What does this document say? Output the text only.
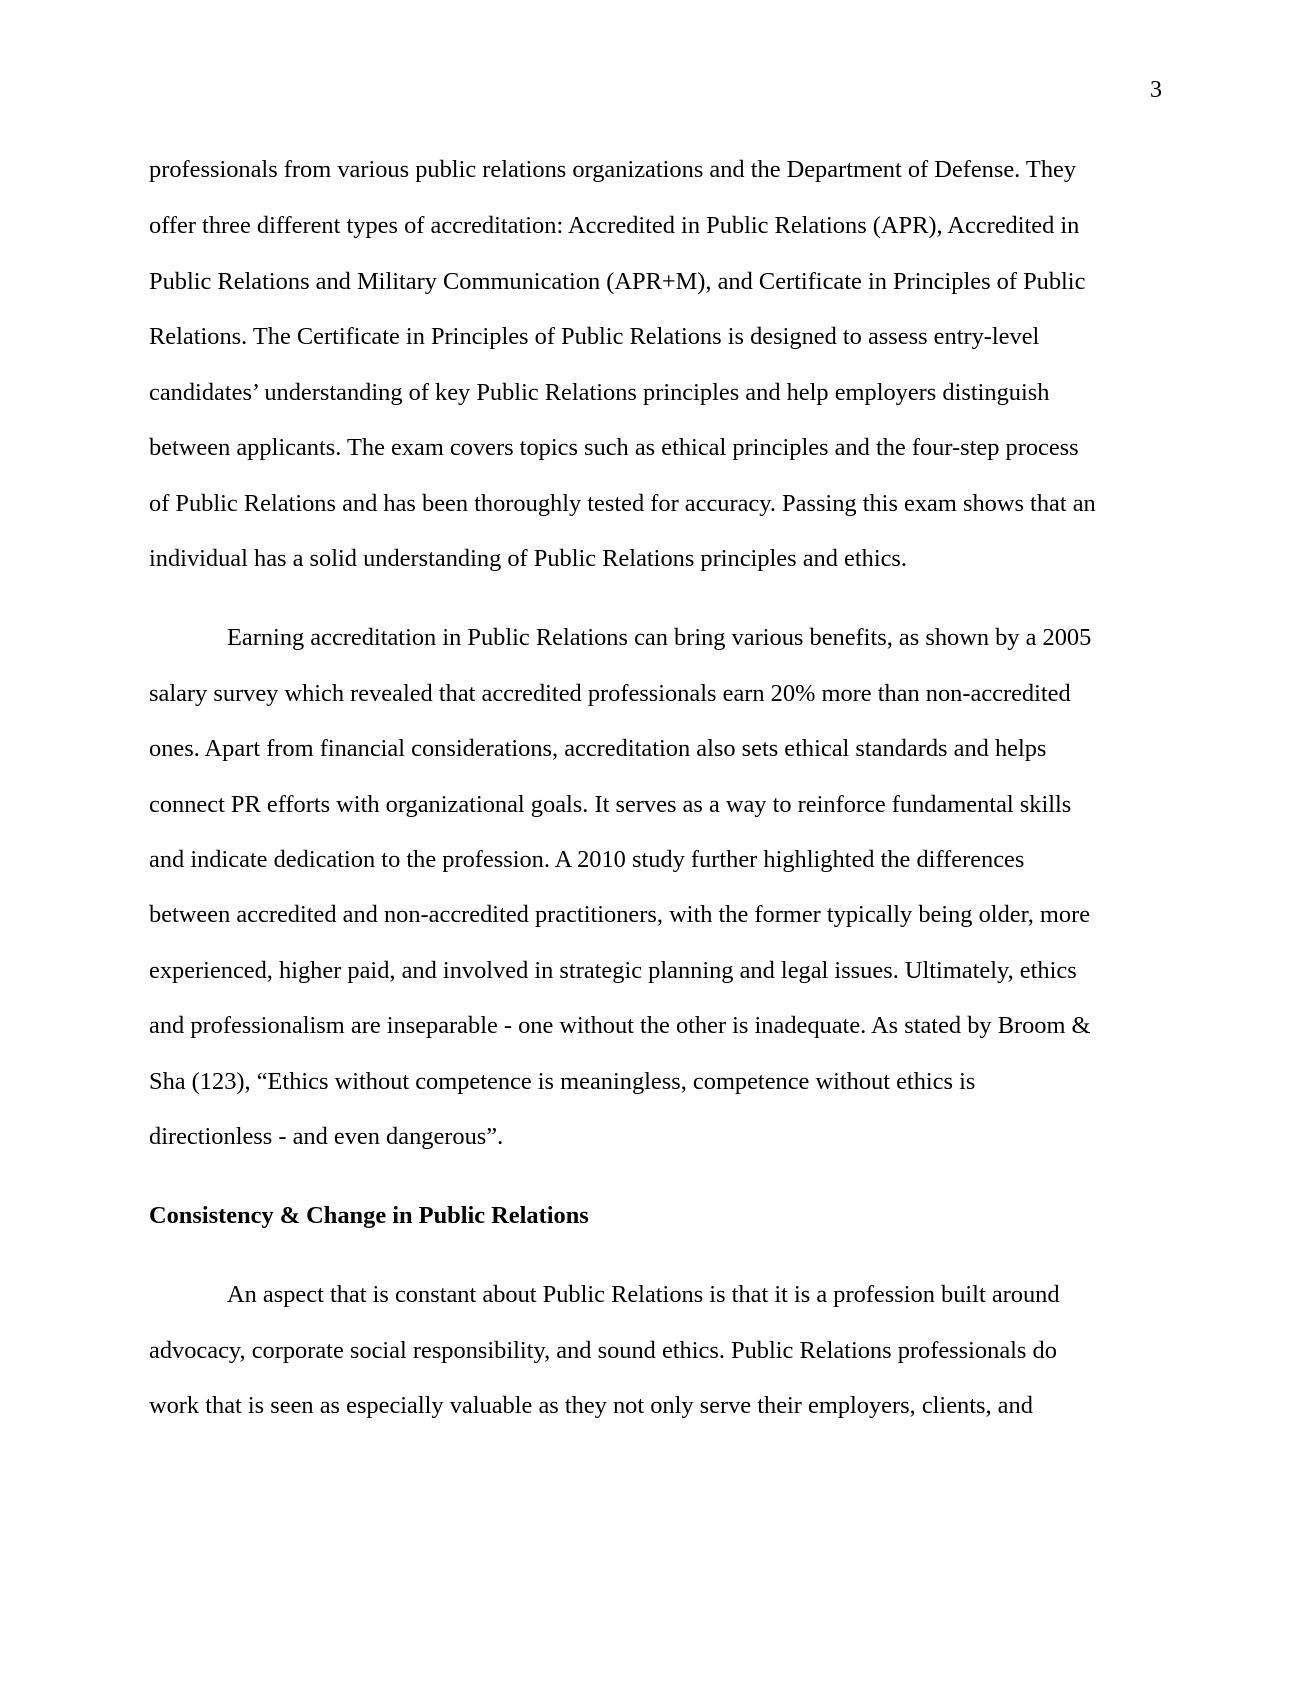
3
professionals from various public relations organizations and the Department of Defense. They
offer three different types of accreditation: Accredited in Public Relations (APR), Accredited in
Public Relations and Military Communication (APR+M), and Certificate in Principles of Public
Relations. The Certificate in Principles of Public Relations is designed to assess entry-level
candidates’ understanding of key Public Relations principles and help employers distinguish
between applicants. The exam covers topics such as ethical principles and the four-step process
of Public Relations and has been thoroughly tested for accuracy. Passing this exam shows that an
individual has a solid understanding of Public Relations principles and ethics.
Earning accreditation in Public Relations can bring various benefits, as shown by a 2005
salary survey which revealed that accredited professionals earn 20% more than non-accredited
ones. Apart from financial considerations, accreditation also sets ethical standards and helps
connect PR efforts with organizational goals. It serves as a way to reinforce fundamental skills
and indicate dedication to the profession. A 2010 study further highlighted the differences
between accredited and non-accredited practitioners, with the former typically being older, more
experienced, higher paid, and involved in strategic planning and legal issues. Ultimately, ethics
and professionalism are inseparable - one without the other is inadequate. As stated by Broom &
Sha (123), “Ethics without competence is meaningless, competence without ethics is
directionless - and even dangerous”.
Consistency & Change in Public Relations
An aspect that is constant about Public Relations is that it is a profession built around
advocacy, corporate social responsibility, and sound ethics. Public Relations professionals do
work that is seen as especially valuable as they not only serve their employers, clients, and
